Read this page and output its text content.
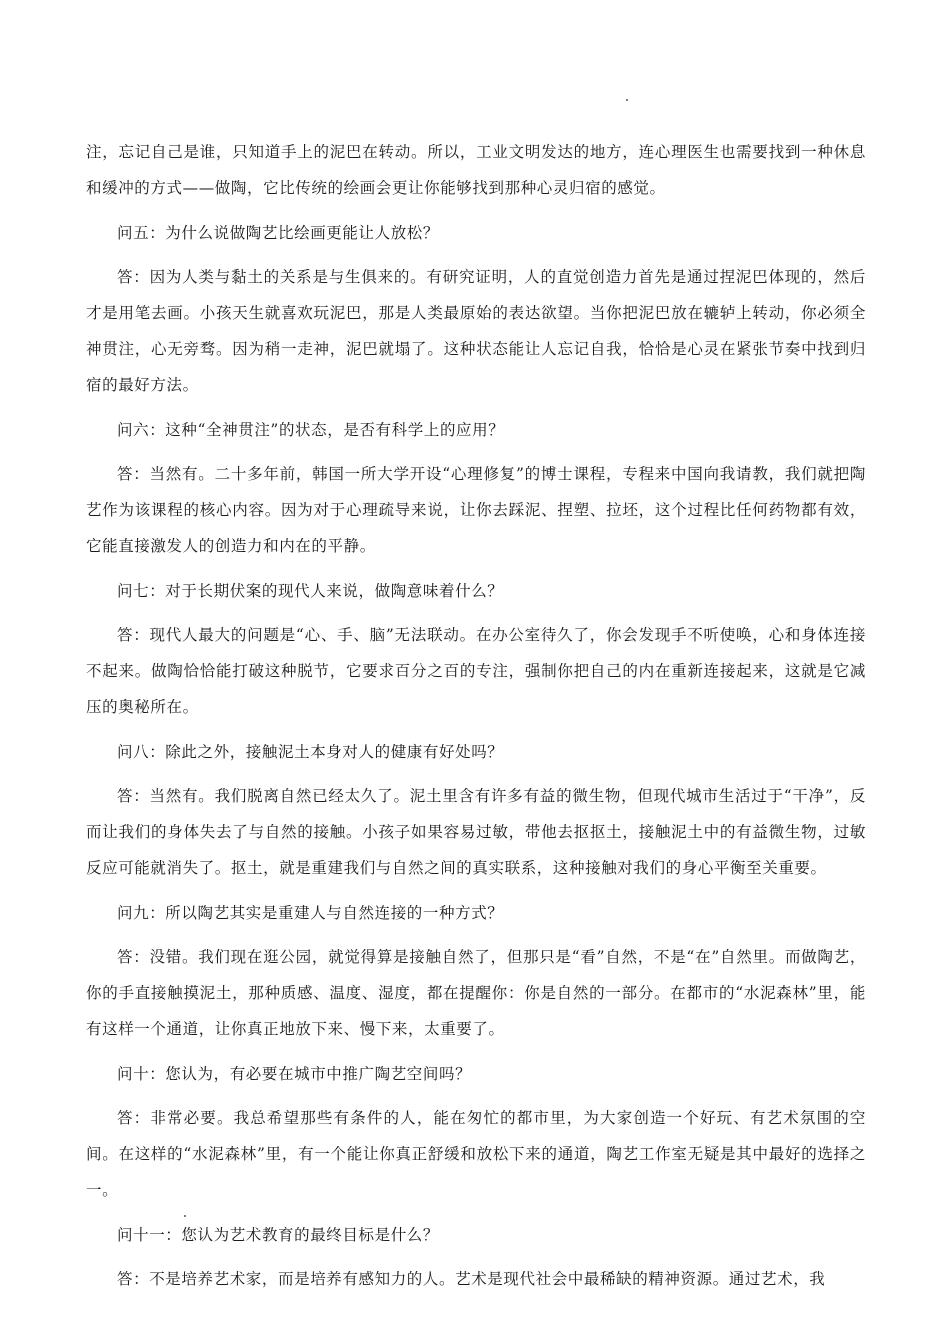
注，忘记自己是谁，只知道手上的泥巴在转动。所以，工业文明发达的地方，连心理医生也需要找到一种休息和缓冲的方式——做陶，它比传统的绘画会更让你能够找到那种心灵归宿的感觉。

问五：为什么说做陶艺比绘画更能让人放松？

答：因为人类与黏土的关系是与生俱来的。有研究证明，人的直觉创造力首先是通过捏泥巴体现的，然后才是用笔去画。小孩天生就喜欢玩泥巴，那是人类最原始的表达欲望。当你把泥巴放在辘轳上转动，你必须全神贯注，心无旁骛。因为稍一走神，泥巴就塌了。这种状态能让人忘记自我，恰恰是心灵在紧张节奏中找到归宿的最好方法。

问六：这种“全神贯注”的状态，是否有科学上的应用？

答：当然有。二十多年前，韩国一所大学开设“心理修复”的博士课程，专程来中国向我请教，我们就把陶艺作为该课程的核心内容。因为对于心理疏导来说，让你去踩泥、捏塑、拉坯，这个过程比任何药物都有效，它能直接激发人的创造力和内在的平静。

问七：对于长期伏案的现代人来说，做陶意味着什么？

答：现代人最大的问题是“心、手、脑”无法联动。在办公室待久了，你会发现手不听使唤，心和身体连接不起来。做陶恰恰能打破这种脱节，它要求百分之百的专注，强制你把自己的内在重新连接起来，这就是它减压的奥秘所在。

问八：除此之外，接触泥土本身对人的健康有好处吗？

答：当然有。我们脱离自然已经太久了。泥土里含有许多有益的微生物，但现代城市生活过于“干净”，反而让我们的身体失去了与自然的接触。小孩子如果容易过敏，带他去抠抠土，接触泥土中的有益微生物，过敏反应可能就消失了。抠土，就是重建我们与自然之间的真实联系，这种接触对我们的身心平衡至关重要。

问九：所以陶艺其实是重建人与自然连接的一种方式？

答：没错。我们现在逛公园，就觉得算是接触自然了，但那只是“看”自然，不是“在”自然里。而做陶艺，你的手直接触摸泥土，那种质感、温度、湿度，都在提醒你：你是自然的一部分。在都市的“水泥森林”里，能有这样一个通道，让你真正地放下来、慢下来，太重要了。

问十：您认为，有必要在城市中推广陶艺空间吗？

答：非常必要。我总希望那些有条件的人，能在匆忙的都市里，为大家创造一个好玩、有艺术氛围的空间。在这样的“水泥森林”里，有一个能让你真正舒缓和放松下来的通道，陶艺工作室无疑是其中最好的选择之一。

问十一：您认为艺术教育的最终目标是什么？

答：不是培养艺术家，而是培养有感知力的人。艺术是现代社会中最稀缺的精神资源。通过艺术，我
